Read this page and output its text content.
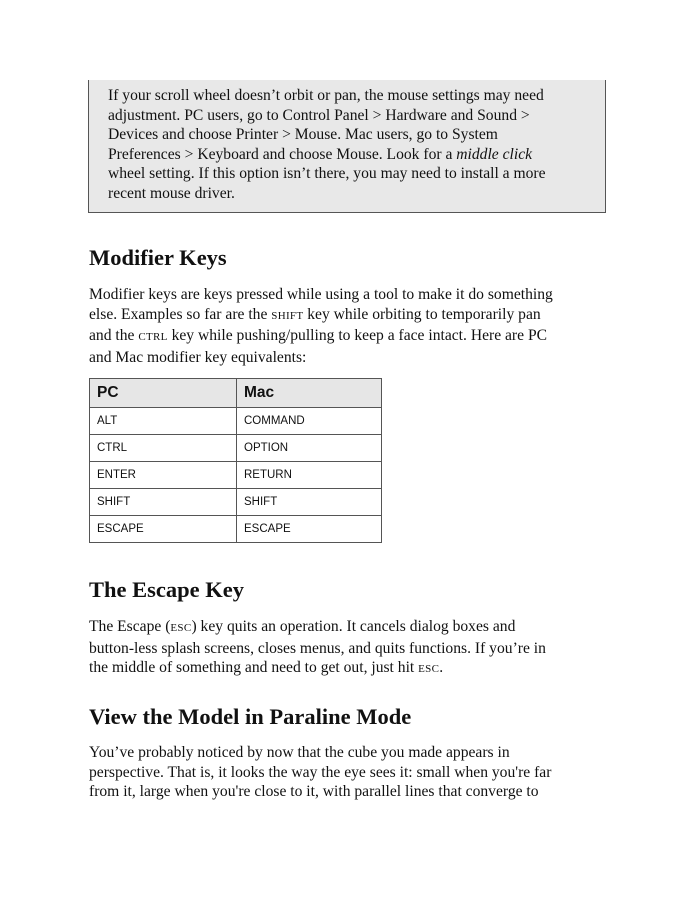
If your scroll wheel doesn’t orbit or pan, the mouse settings may need
adjustment. PC users, go to Control Panel > Hardware and Sound >
Devices and choose Printer > Mouse. Mac users, go to System
Preferences > Keyboard and choose Mouse. Look for a middle click
wheel setting. If this option isn’t there, you may need to install a more
recent mouse driver.

Modifier Keys

Modifier keys are keys pressed while using a tool to make it do something
else. Examples so far are the SHIFT key while orbiting to temporarily pan
and the CTRL key while pushing/pulling to keep a face intact. Here are PC
and Mac modifier key equivalents:

PC	Mac
ALT	COMMAND
CTRL	OPTION
ENTER	RETURN
SHIFT	SHIFT
ESCAPE	ESCAPE
The Escape Key

The Escape (ESC) key quits an operation. It cancels dialog boxes and
button-less splash screens, closes menus, and quits functions. If you’re in
the middle of something and need to get out, just hit ESC.

View the Model in Paraline Mode

You’ve probably noticed by now that the cube you made appears in
perspective. That is, it looks the way the eye sees it: small when you're far
from it, large when you're close to it, with parallel lines that converge to
